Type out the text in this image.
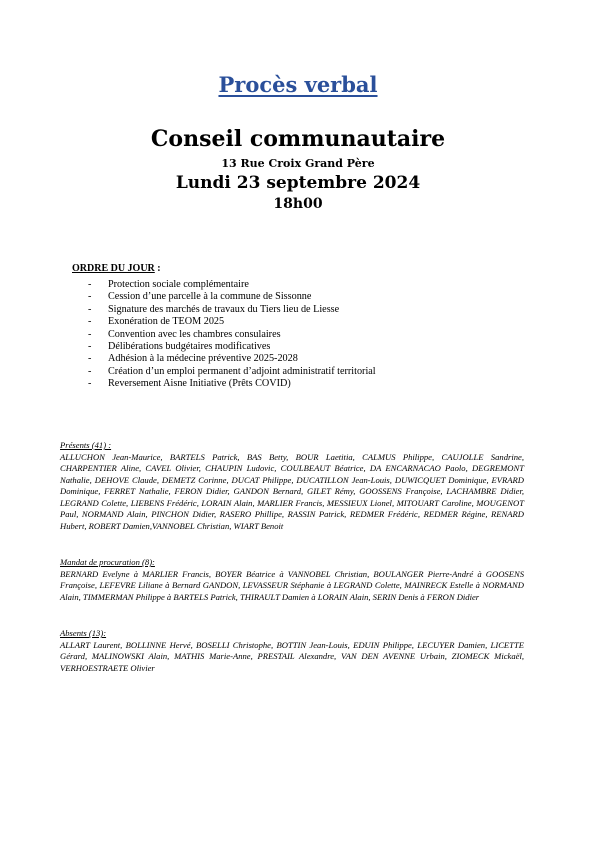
Procès verbal
Conseil communautaire
13 Rue Croix Grand Père
Lundi 23 septembre 2024
18h00
ORDRE DU JOUR :
- Protection sociale complémentaire
- Cession d’une parcelle à la commune de Sissonne
- Signature des marchés de travaux du Tiers lieu de Liesse
- Exonération de TEOM 2025
- Convention avec les chambres consulaires
- Délibérations budgétaires modificatives
- Adhésion à la médecine préventive 2025-2028
- Création d’un emploi permanent d’adjoint administratif territorial
- Reversement Aisne Initiative (Prêts COVID)
Présents (41) :
ALLUCHON Jean-Maurice, BARTELS Patrick, BAS Betty, BOUR Laetitia, CALMUS Philippe, CAUJOLLE Sandrine, CHARPENTIER Aline, CAVEL Olivier, CHAUPIN Ludovic, COULBEAUT Béatrice, DA ENCARNACAO Paolo, DEGREMONT Nathalie, DEHOVE Claude, DEMETZ Corinne, DUCAT Philippe, DUCATILLON Jean-Louis, DUWICQUET Dominique, EVRARD Dominique, FERRET Nathalie, FERON Didier, GANDON Bernard, GILET Rémy, GOOSSENS Françoise, LACHAMBRE Didier, LEGRAND Colette, LIEBENS Frédéric, LORAIN Alain, MARLIER Francis, MESSIEUX Lionel, MITOUART Caroline, MOUGENOT Paul, NORMAND Alain, PINCHON Didier, RASERO Phillipe, RASSIN Patrick, REDMER Frédéric, REDMER Régine, RENARD Hubert, ROBERT Damien,VANNOBEL Christian, WIART Benoit
Mandat de procuration (8):
BERNARD Evelyne à MARLIER Francis, BOYER Béatrice à VANNOBEL Christian, BOULANGER Pierre-André à GOOSENS Françoise, LEFEVRE Liliane à Bernard GANDON, LEVASSEUR Stéphanie à LEGRAND Colette, MAINRECK Estelle à NORMAND Alain, TIMMERMAN Philippe à BARTELS Patrick, THIRAULT Damien à LORAIN Alain, SERIN Denis à FERON Didier
Absents (13):
ALLART Laurent, BOLLINNE Hervé, BOSELLI Christophe, BOTTIN Jean-Louis, EDUIN Philippe, LECUYER Damien, LICETTE Gérard, MALINOWSKI Alain, MATHIS Marie-Anne, PRESTAIL Alexandre, VAN DEN AVENNE Urbain, ZIOMECK Mickaël, VERHOESTRAETE Olivier
